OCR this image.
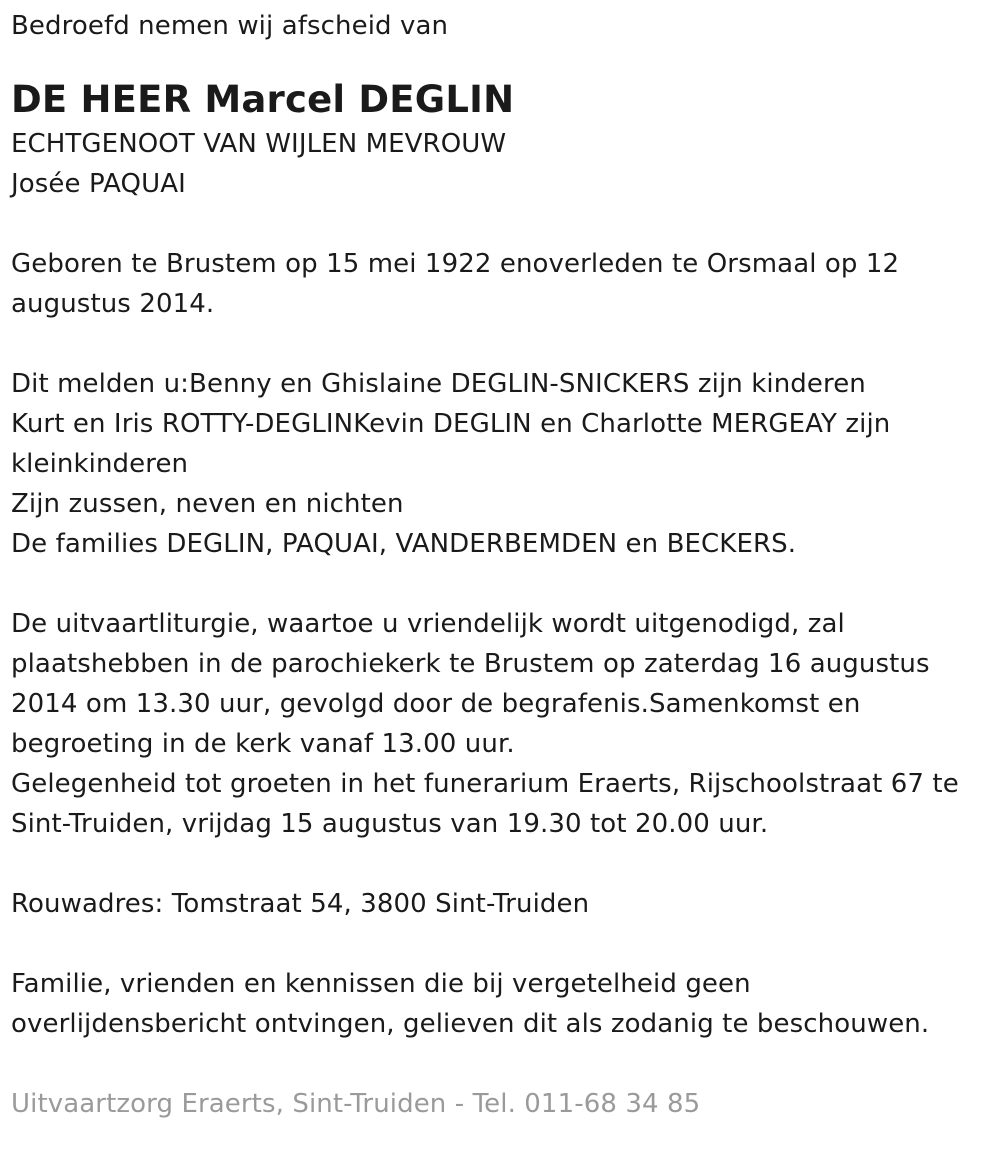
Bedroefd nemen wij afscheid van

DE HEER Marcel DEGLIN

ECHTGENOOT VAN WIJLEN MEVROUW

Josée PAQUAI

Geboren te Brustem op 15 mei 1922 enoverleden te Orsmaal op 12

augustus 2014.

Dit melden u:Benny en Ghislaine DEGLIN-SNICKERS zijn kinderen

Kurt en Iris ROTTY-DEGLINKevin DEGLIN en Charlotte MERGEAY zijn

kleinkinderen

Zijn zussen, neven en nichten

De families DEGLIN, PAQUAI, VANDERBEMDEN en BECKERS.

De uitvaartliturgie, waartoe u vriendelijk wordt uitgenodigd, zal

plaatshebben in de parochiekerk te Brustem op zaterdag 16 augustus

2014 om 13.30 uur, gevolgd door de begrafenis.Samenkomst en

begroeting in de kerk vanaf 13.00 uur.

Gelegenheid tot groeten in het funerarium Eraerts, Rijschoolstraat 67 te

Sint-Truiden, vrijdag 15 augustus van 19.30 tot 20.00 uur.

Rouwadres: Tomstraat 54, 3800 Sint-Truiden

Familie, vrienden en kennissen die bij vergetelheid geen

overlijdensbericht ontvingen, gelieven dit als zodanig te beschouwen.

Uitvaartzorg Eraerts, Sint-Truiden - Tel. 011-68 34 85
